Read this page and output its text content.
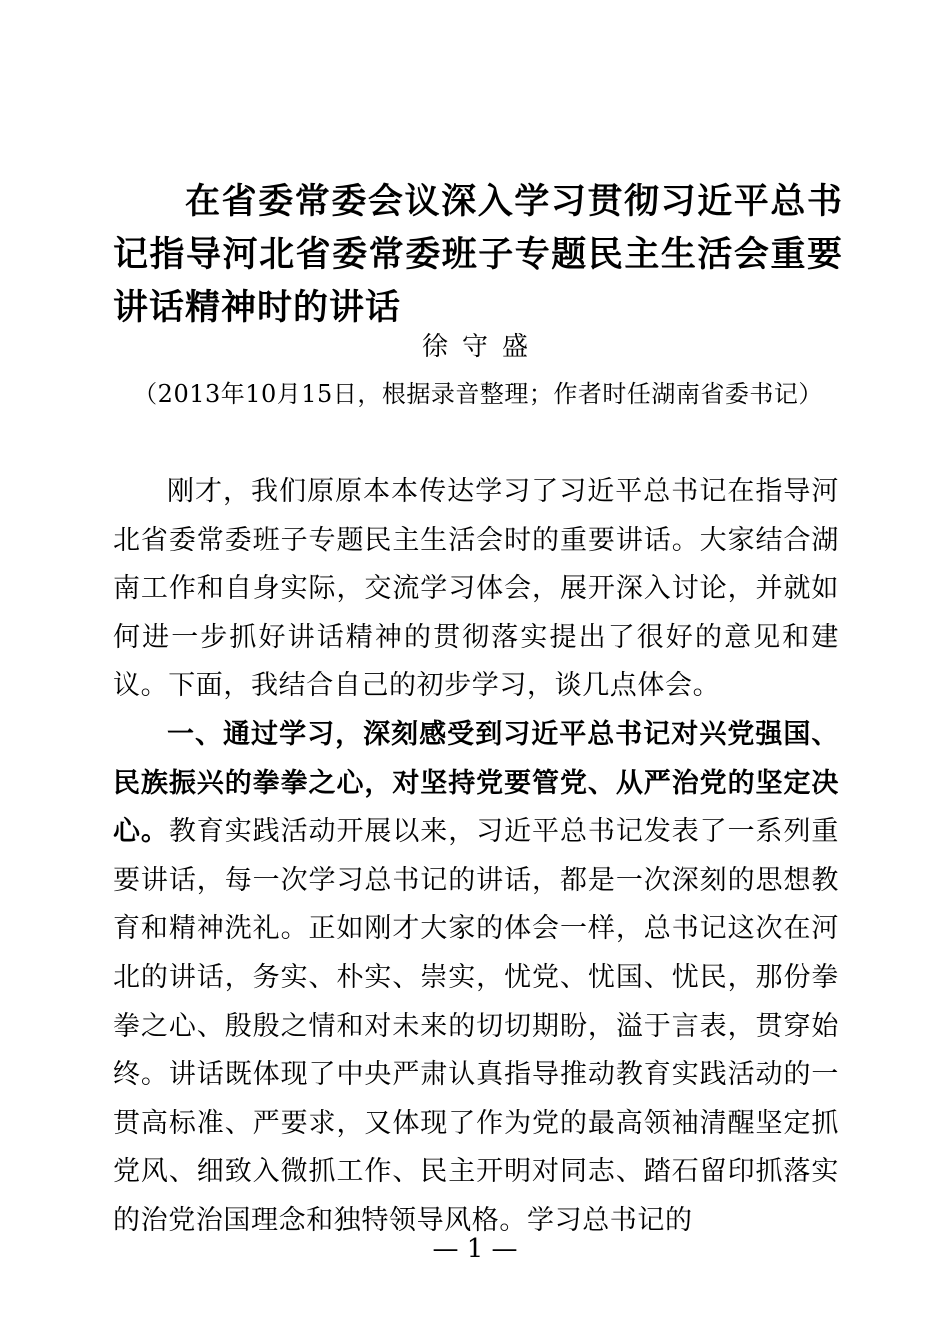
在省委常委会议深入学习贯彻习近平总书记指导河北省委常委班子专题民主生活会重要讲话精神时的讲话
徐守盛
（2013年10月15日，根据录音整理；作者时任湖南省委书记）

刚才，我们原原本本传达学习了习近平总书记在指导河北省委常委班子专题民主生活会时的重要讲话。大家结合湖南工作和自身实际，交流学习体会，展开深入讨论，并就如何进一步抓好讲话精神的贯彻落实提出了很好的意见和建议。下面，我结合自己的初步学习，谈几点体会。

一、通过学习，深刻感受到习近平总书记对兴党强国、民族振兴的拳拳之心，对坚持党要管党、从严治党的坚定决心。教育实践活动开展以来，习近平总书记发表了一系列重要讲话，每一次学习总书记的讲话，都是一次深刻的思想教育和精神洗礼。正如刚才大家的体会一样，总书记这次在河北的讲话，务实、朴实、崇实，忧党、忧国、忧民，那份拳拳之心、殷殷之情和对未来的切切期盼，溢于言表，贯穿始终。讲话既体现了中央严肃认真指导推动教育实践活动的一贯高标准、严要求，又体现了作为党的最高领袖清醒坚定抓党风、细致入微抓工作、民主开明对同志、踏石留印抓落实的治党治国理念和独特领导风格。学习总书记的

— 1 —
